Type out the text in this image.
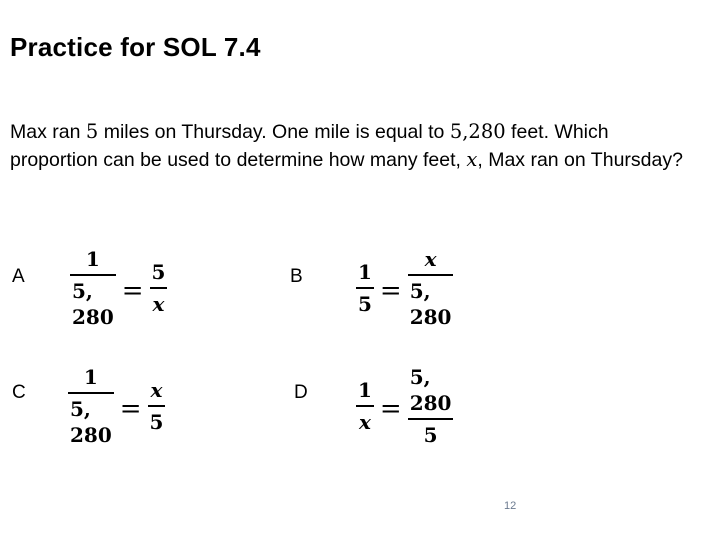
Practice for SOL 7.4
Max ran 5 miles on Thursday. One mile is equal to 5,280 feet. Which proportion can be used to determine how many feet, x, Max ran on Thursday?
A $\frac{1}{5, 280} = \frac{5}{x}$	B	$\frac{1}{5} = \frac{x}{5, 280}$
C $\frac{1}{5, 280} = \frac{x}{5}$	D $\frac{1}{x} = \frac{5, 280}{5}$
12
